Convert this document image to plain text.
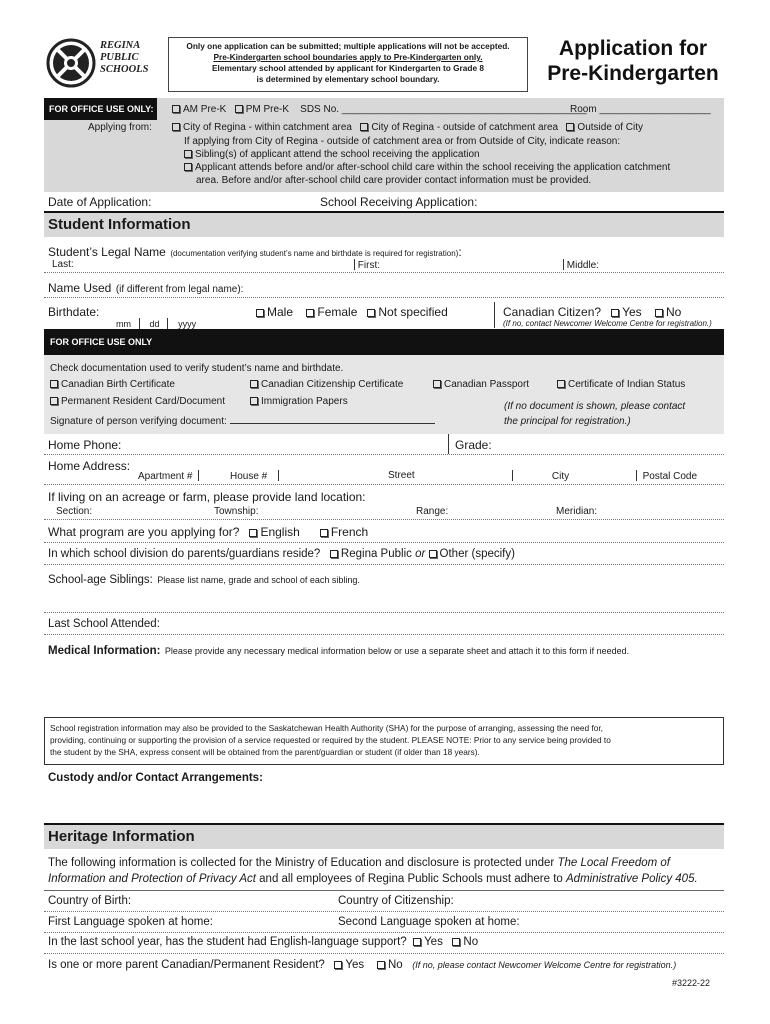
REGINA
PUBLIC
SCHOOLS
Only one application can be submitted; multiple applications will not be accepted.
Pre-Kindergarten school boundaries apply to Pre-Kindergarten only.
Elementary school attended by applicant for Kindergarten to Grade 8
is determined by elementary school boundary.
Application for
Pre-Kindergarten
FOR OFFICE USE ONLY:	AM Pre-K PM Pre-K SDS No. ____________________________________________
Room ____________________
Applying from:	City of Regina - within catchment area City of Regina - outside of catchment area Outside of City
If applying from City of Regina - outside of catchment area or from Outside of City, indicate reason:
Sibling(s) of applicant attend the school receiving the application
Applicant attends before and/or after-school child care within the school receiving the application catchment
area. Before and/or after-school child care provider contact information must be provided.
Date of Application:	School Receiving Application:
Student Information
Student’s Legal Name (documentation verifying student’s name and birthdate is required for registration):
Last:	First:	Middle:
Name Used (if different from legal name):
Birthdate:
mm dd yyyy
Male Female Not specified	Canadian Citizen? Yes No
(If no, contact Newcomer Welcome Centre for registration.)
FOR OFFICE USE ONLY
Check documentation used to verify student’s name and birthdate.
Canadian Birth Certificate	Canadian Citizenship Certificate	Canadian Passport	Certificate of Indian Status
Permanent Resident Card/Document	Immigration Papers	(If no document is shown, please contact
the principal for registration.)
Signature of person verifying document:
Home Phone:	Grade:
Home Address:
Apartment #	House #	Street	City	Postal Code
If living on an acreage or farm, please provide land location:
Section:	Township:	Range:	Meridian:
What program are you applying for? English	French
In which school division do parents/guardians reside? Regina Public or Other (specify)
School-age Siblings: Please list name, grade and school of each sibling.
Last School Attended:
Medical Information: Please provide any necessary medical information below or use a separate sheet and attach it to this form if needed.
School registration information may also be provided to the Saskatchewan Health Authority (SHA) for the purpose of arranging, assessing the need for,
providing, continuing or supporting the provision of a service requested or required by the student. PLEASE NOTE: Prior to any service being provided to
the student by the SHA, express consent will be obtained from the parent/guardian or student (if older than 18 years).
Custody and/or Contact Arrangements:
Heritage Information
The following information is collected for the Ministry of Education and disclosure is protected under The Local Freedom of
Information and Protection of Privacy Act and all employees of Regina Public Schools must adhere to Administrative Policy 405.
Country of Birth:	Country of Citizenship:
First Language spoken at home:	Second Language spoken at home:
In the last school year, has the student had English-language support? Yes No
Is one or more parent Canadian/Permanent Resident? Yes No (If no, please contact Newcomer Welcome Centre for registration.)
#3222-22
